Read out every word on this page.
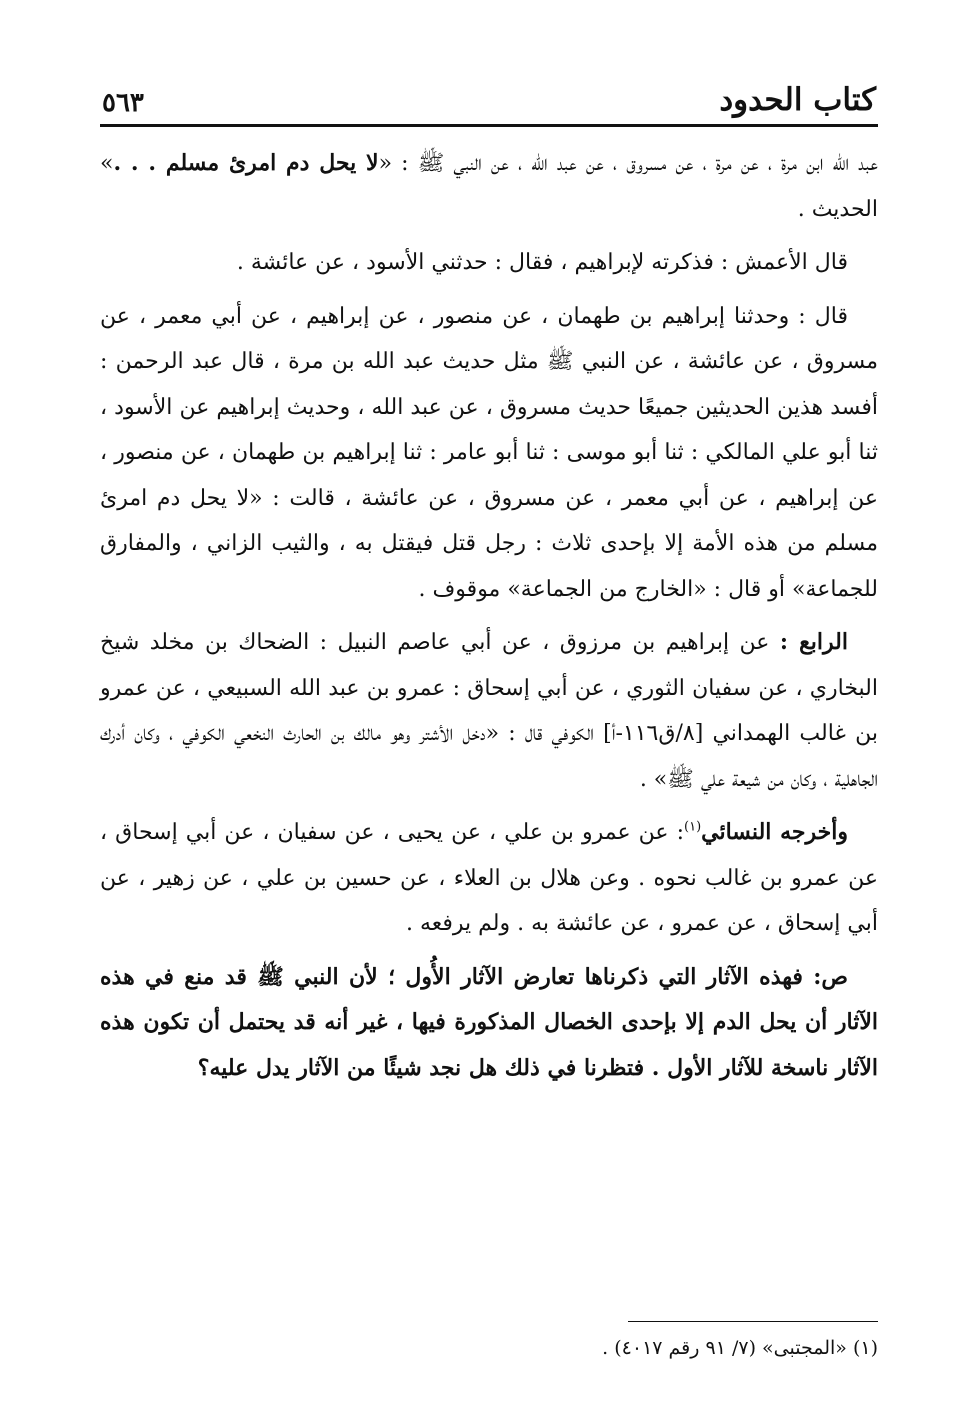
كتاب الحدود
٥٦٣

عبد الله ابن مرة ، عن مرة ، عن مسروق ، عن عبد الله ، عن النبي ﷺ : «لا يحل دم امرئ مسلم . . .» الحديث .

قال الأعمش : فذكرته لإبراهيم ، فقال : حدثني الأسود ، عن عائشة .

قال : وحدثنا إبراهيم بن طهمان ، عن منصور ، عن إبراهيم ، عن أبي معمر ، عن مسروق ، عن عائشة ، عن النبي ﷺ مثل حديث عبد الله بن مرة ، قال عبد الرحمن : أفسد هذين الحديثين جميعًا حديث مسروق ، عن عبد الله ، وحديث إبراهيم عن الأسود ، ثنا أبو علي المالكي : ثنا أبو موسى : ثنا أبو عامر : ثنا إبراهيم بن طهمان ، عن منصور ، عن إبراهيم ، عن أبي معمر ، عن مسروق ، عن عائشة ، قالت : «لا يحل دم امرئ مسلم من هذه الأمة إلا بإحدى ثلاث : رجل قتل فيقتل به ، والثيب الزاني ، والمفارق للجماعة» أو قال : «الخارج من الجماعة» موقوف .

الرابع : عن إبراهيم بن مرزوق ، عن أبي عاصم النبيل : الضحاك بن مخلد شيخ البخاري ، عن سفيان الثوري ، عن أبي إسحاق : عمرو بن عبد الله السبيعي ، عن عمرو بن غالب الهمداني [٨/ق١١٦-أ] الكوفي قال : «دخل الأشتر وهو مالك بن الحارث النخعي الكوفي ، وكان أدرك الجاهلية ، وكان من شيعة علي ﷺ» .

وأخرجه النسائي$^{(١)}$: عن عمرو بن علي ، عن يحيى ، عن سفيان ، عن أبي إسحاق ، عن عمرو بن غالب نحوه . وعن هلال بن العلاء ، عن حسين بن علي ، عن زهير ، عن أبي إسحاق ، عن عمرو ، عن عائشة به . ولم يرفعه .

ص: فهذه الآثار التي ذكرناها تعارض الآثار الأُول ؛ لأن النبي ﷺ قد منع في هذه الآثار أن يحل الدم إلا بإحدى الخصال المذكورة فيها ، غير أنه قد يحتمل أن تكون هذه الآثار ناسخة للآثار الأول . فتظرنا في ذلك هل نجد شيئًا من الآثار يدل عليه؟

(١) «المجتبى» (٧/ ٩١ رقم ٤٠١٧) .
